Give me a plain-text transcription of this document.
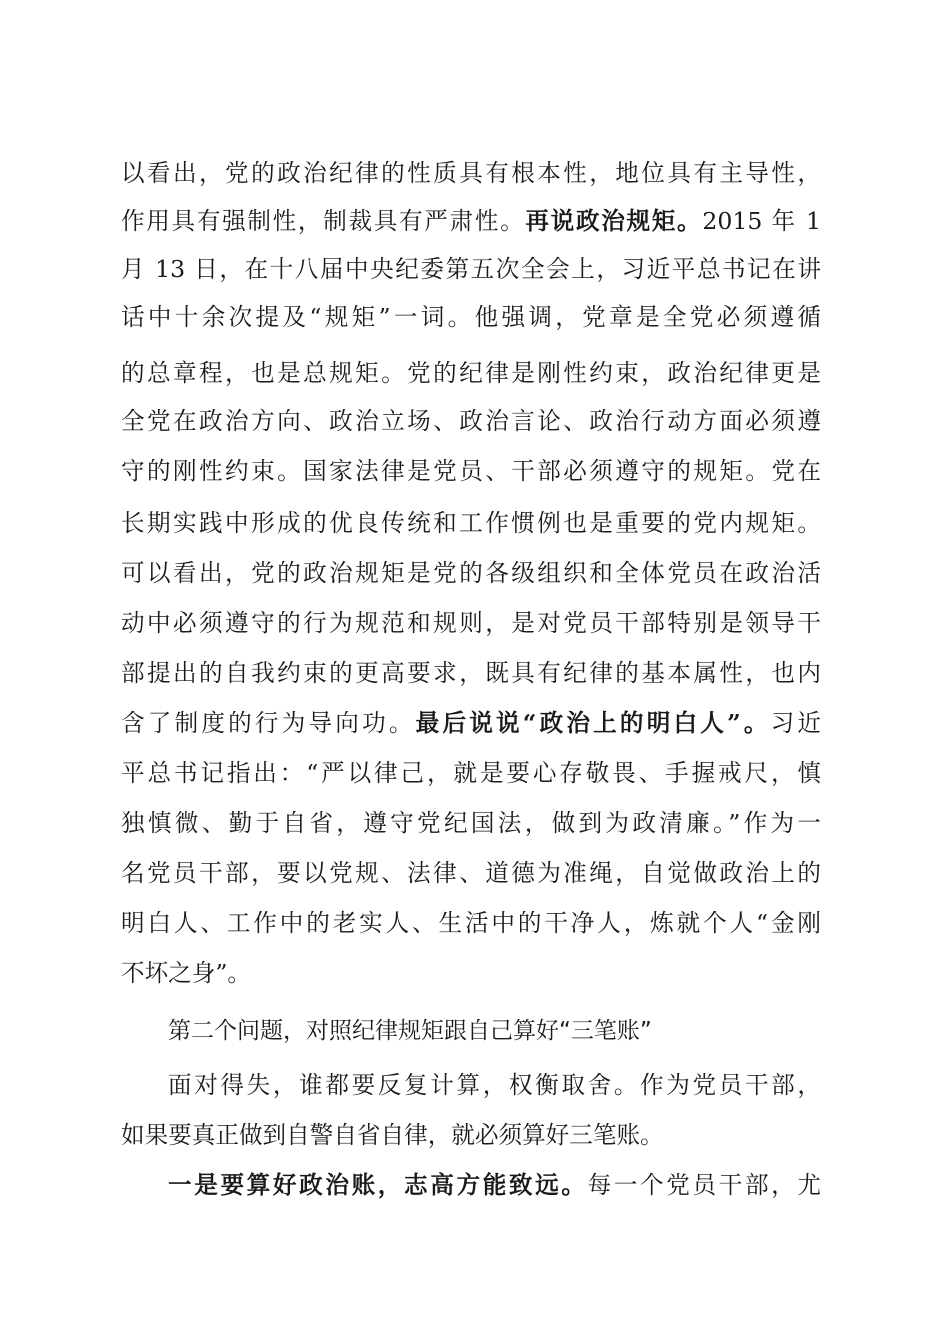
以看出，党的政治纪律的性质具有根本性，地位具有主导性，
作用具有强制性，制裁具有严肃性。再说政治规矩。2015 年 1
月 13 日，在十八届中央纪委第五次全会上，习近平总书记在讲
话中十余次提及“规矩”一词。他强调，党章是全党必须遵循
的总章程，也是总规矩。党的纪律是刚性约束，政治纪律更是
全党在政治方向、政治立场、政治言论、政治行动方面必须遵
守的刚性约束。国家法律是党员、干部必须遵守的规矩。党在
长期实践中形成的优良传统和工作惯例也是重要的党内规矩。
可以看出，党的政治规矩是党的各级组织和全体党员在政治活
动中必须遵守的行为规范和规则，是对党员干部特别是领导干
部提出的自我约束的更高要求，既具有纪律的基本属性，也内
含了制度的行为导向功。最后说说“政治上的明白人”。习近
平总书记指出：“严以律己，就是要心存敬畏、手握戒尺，慎
独慎微、勤于自省，遵守党纪国法，做到为政清廉。”作为一
名党员干部，要以党规、法律、道德为准绳，自觉做政治上的
明白人、工作中的老实人、生活中的干净人，炼就个人“金刚
不坏之身”。
第二个问题，对照纪律规矩跟自己算好“三笔账”
面对得失，谁都要反复计算，权衡取舍。作为党员干部，
如果要真正做到自警自省自律，就必须算好三笔账。
一是要算好政治账，志高方能致远。每一个党员干部，尤
